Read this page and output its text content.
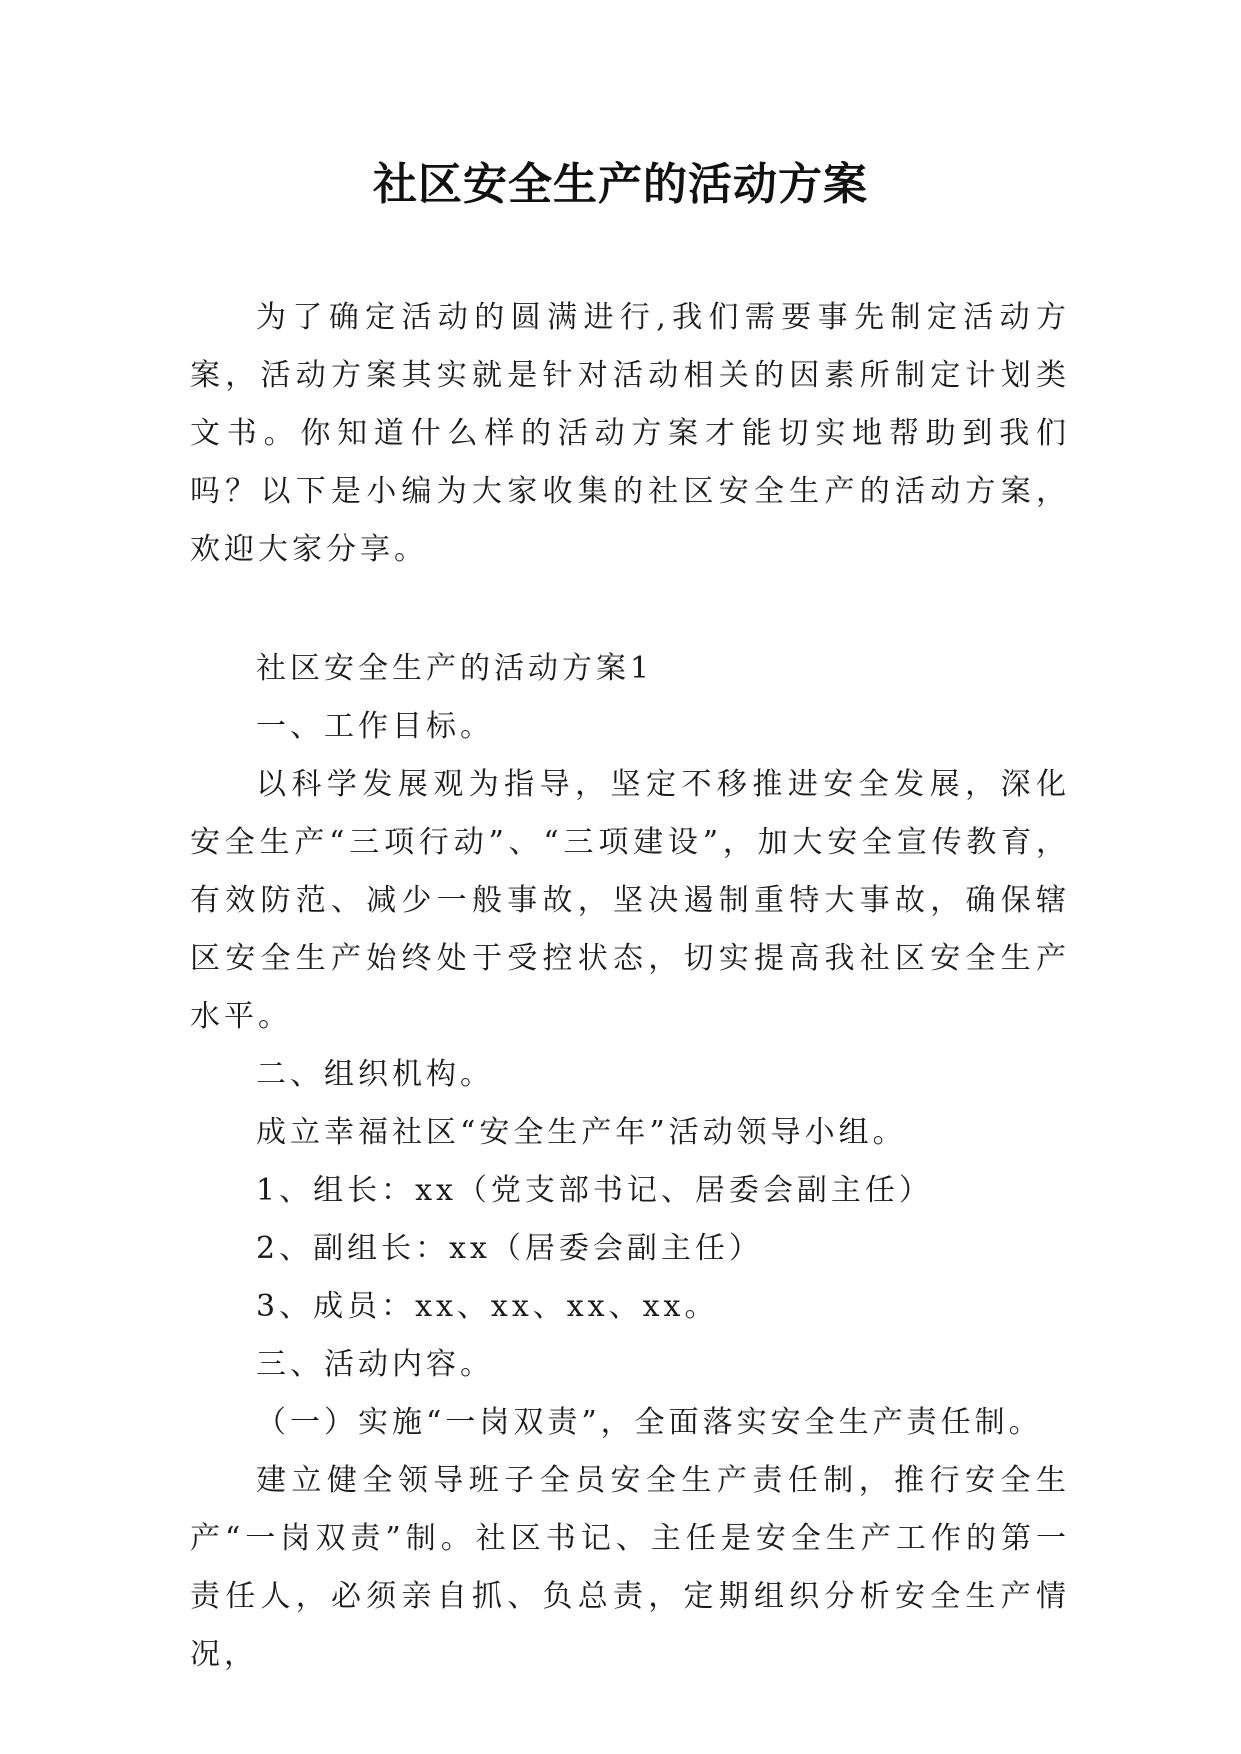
社区安全生产的活动方案

为了确定活动的圆满进行,我们需要事先制定活动方案，活动方案其实就是针对活动相关的因素所制定计划类文书。你知道什么样的活动方案才能切实地帮助到我们吗？以下是小编为大家收集的社区安全生产的活动方案，欢迎大家分享。

社区安全生产的活动方案1

一、工作目标。

以科学发展观为指导，坚定不移推进安全发展，深化安全生产“三项行动”、“三项建设”，加大安全宣传教育，有效防范、减少一般事故，坚决遏制重特大事故，确保辖区安全生产始终处于受控状态，切实提高我社区安全生产水平。

二、组织机构。

成立幸福社区“安全生产年”活动领导小组。

1、组长：xx（党支部书记、居委会副主任）

2、副组长：xx（居委会副主任）

3、成员：xx、xx、xx、xx。

三、活动内容。

（一）实施“一岗双责”，全面落实安全生产责任制。

建立健全领导班子全员安全生产责任制，推行安全生产“一岗双责”制。社区书记、主任是安全生产工作的第一责任人，必须亲自抓、负总责，定期组织分析安全生产情况，
